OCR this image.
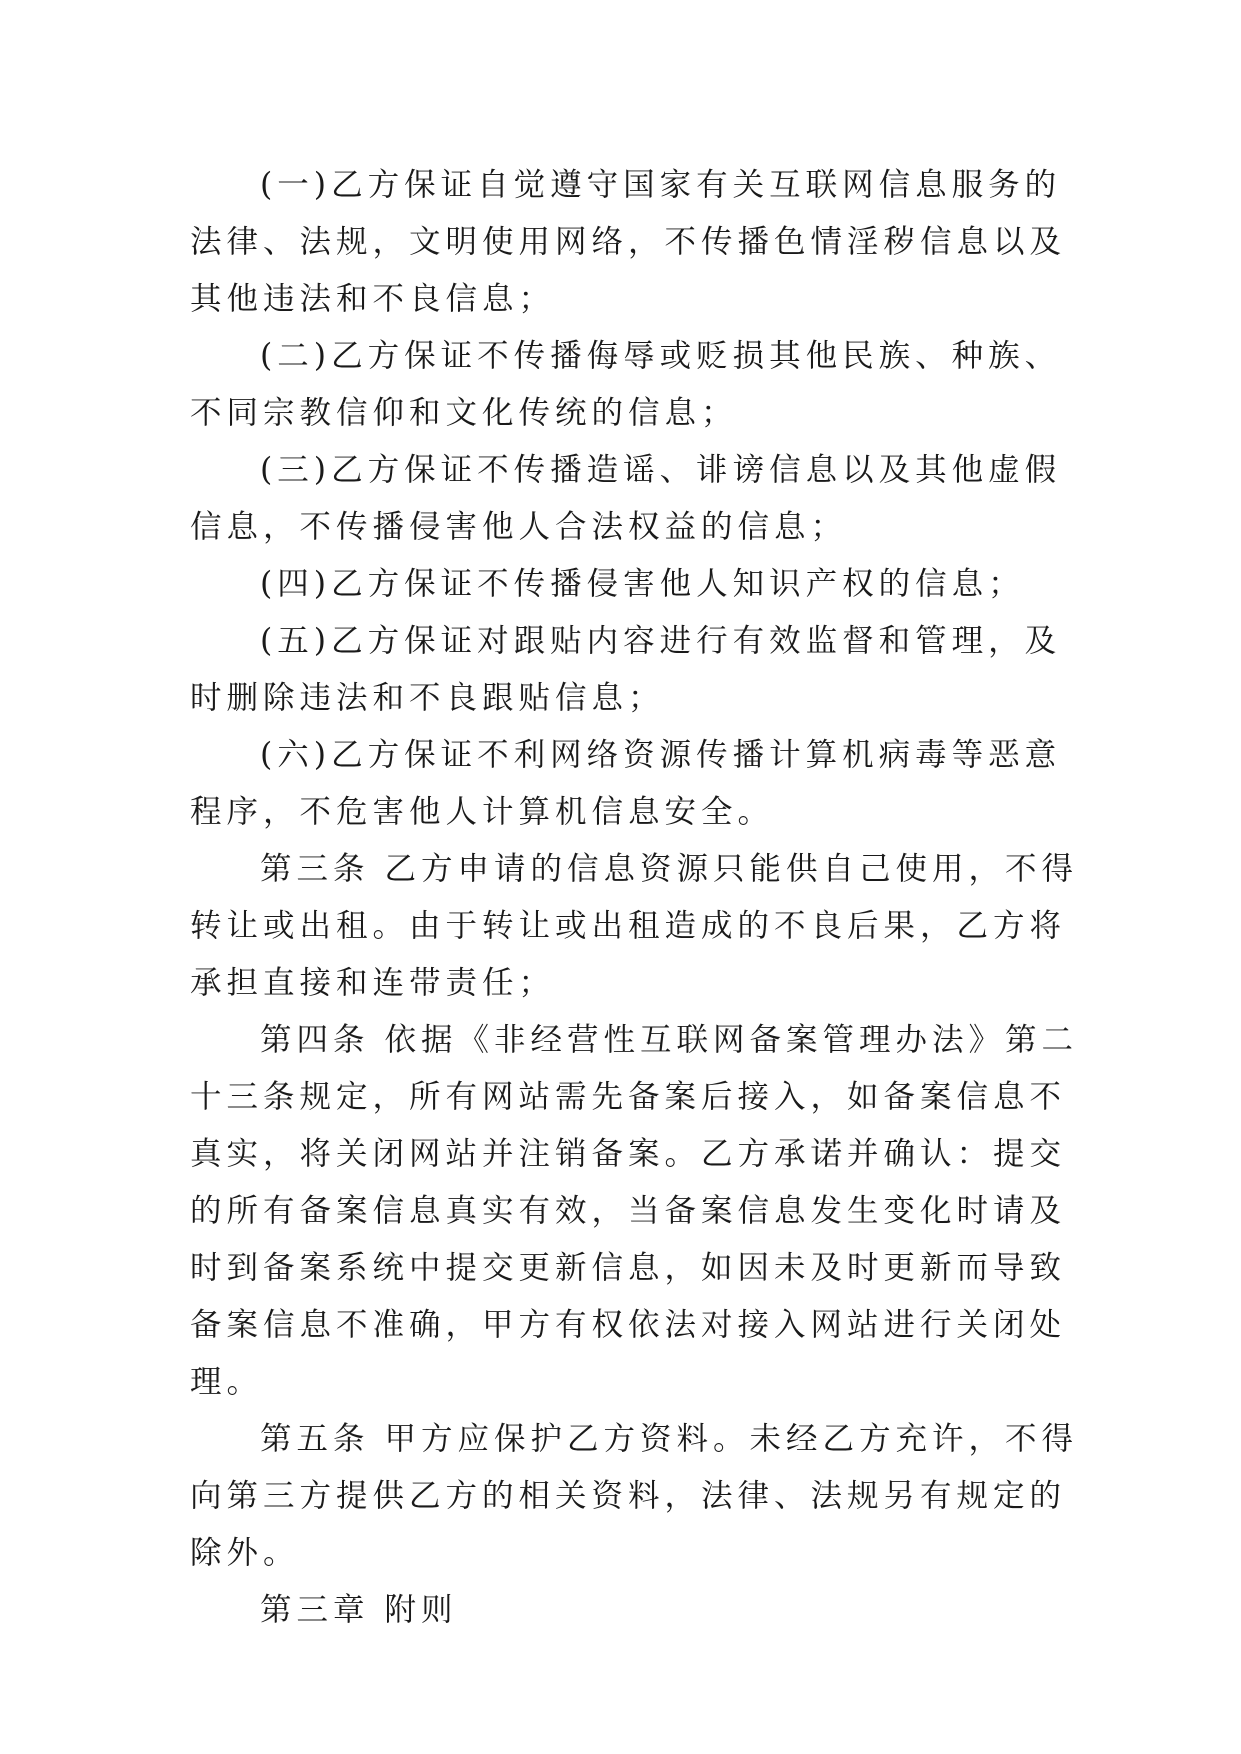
(一)乙方保证自觉遵守国家有关互联网信息服务的法律、法规，文明使用网络，不传播色情淫秽信息以及其他违法和不良信息；

(二)乙方保证不传播侮辱或贬损其他民族、种族、不同宗教信仰和文化传统的信息；

(三)乙方保证不传播造谣、诽谤信息以及其他虚假信息，不传播侵害他人合法权益的信息；

(四)乙方保证不传播侵害他人知识产权的信息；

(五)乙方保证对跟贴内容进行有效监督和管理，及时删除违法和不良跟贴信息；

(六)乙方保证不利网络资源传播计算机病毒等恶意程序，不危害他人计算机信息安全。

第三条 乙方申请的信息资源只能供自己使用，不得转让或出租。由于转让或出租造成的不良后果，乙方将承担直接和连带责任；

第四条 依据《非经营性互联网备案管理办法》第二十三条规定，所有网站需先备案后接入，如备案信息不真实，将关闭网站并注销备案。乙方承诺并确认：提交的所有备案信息真实有效，当备案信息发生变化时请及时到备案系统中提交更新信息，如因未及时更新而导致备案信息不准确，甲方有权依法对接入网站进行关闭处理。

第五条 甲方应保护乙方资料。未经乙方充许，不得向第三方提供乙方的相关资料，法律、法规另有规定的除外。

第三章 附则
